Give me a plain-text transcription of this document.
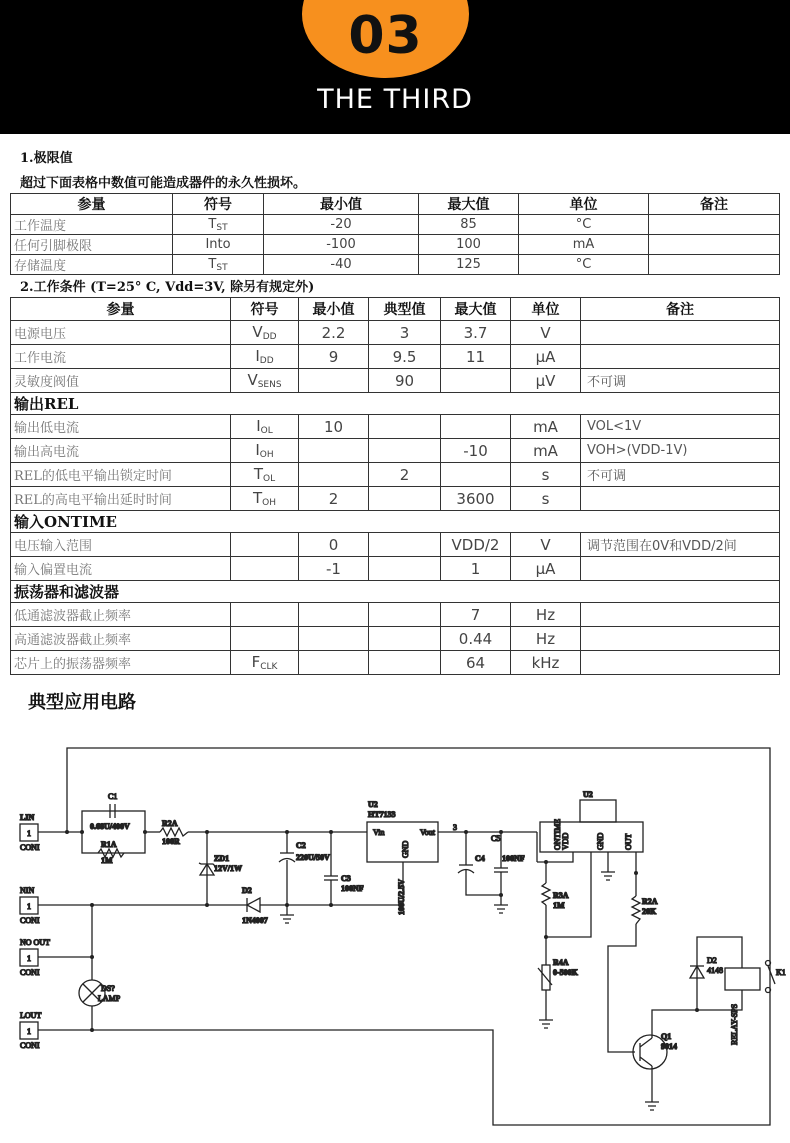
03
THE THIRD
1.极限值
超过下面表格中数值可能造成器件的永久性损坏。
参量	符号	最小值	最大值	单位	备注
工作温度	$T_{ST}$	-20	85	°C	
任何引脚极限	Into	-100	100	mA	
存储温度	$T_{ST}$	-40	125	°C	
2.工作条件 (T=25° C, Vdd=3V, 除另有规定外)
参量	符号	最小值	典型值	最大值	单位	备注
电源电压	$V_{DD}$	2.2	3	3.7	V	
工作电流	$I_{DD}$	9	9.5	11	μA	
灵敏度阀值	$V_{SENS}$		90		μV	不可调
输出REL						
输出低电流	$I_{OL}$	10			mA	VOL<1V
输出高电流	$I_{OH}$			-10	mA	VOH>(VDD-1V)
REL的低电平输出锁定时间	$T_{OL}$		2		s	不可调
REL的高电平输出延时时间	$T_{OH}$	2		3600	s	
输入ONTIME						
电压输入范围		0		VDD/2	V	调节范围在0V和VDD/2间
输入偏置电流		-1		1	μA	
振荡器和滤波器						
低通滤波器截止频率				7	Hz	
高通滤波器截止频率				0.44	Hz	
芯片上的振荡器频率	$F_{CLK}$			64	kHz	
典型应用电路
LIN
1
CONI
NIN
1
CONI
NO OUT
1
CONI
LOUT
1
CONI
C1
0.68U/400V
R1A
1M
R2A
100R
ZD1
12V/1W
D2
1N4007
C2
220U/50V
C3
100NF
U2
HT7133
Vin	Vout
3
C4
C5
100NF
U2
R3A
1M
R4A
0-500K
R2A
20K
D2
4148	K1
Q1
9014
DS?
LAMP
ONTIME VDD	GND OUT
GND
100U/2.5V
RELAY-SPS
